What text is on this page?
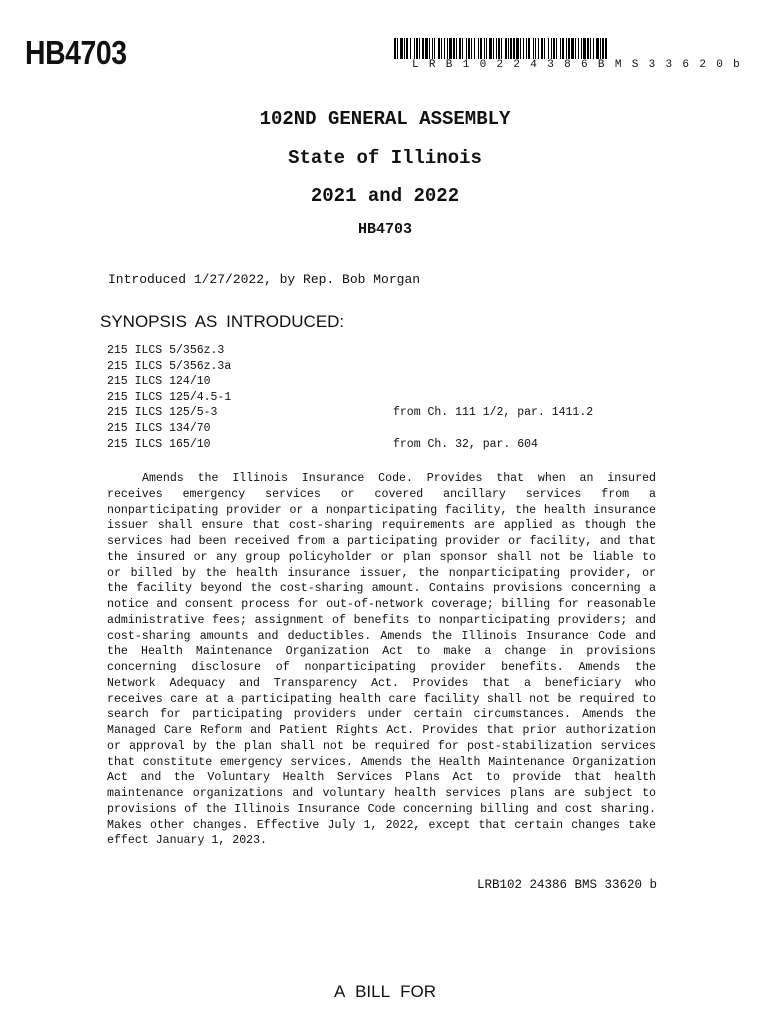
HB4703	LRB10224386BMS33620b
102ND GENERAL ASSEMBLY
State of Illinois
2021 and 2022
HB4703
Introduced 1/27/2022, by Rep. Bob Morgan
SYNOPSIS AS INTRODUCED:
215 ILCS 5/356z.3
215 ILCS 5/356z.3a
215 ILCS 124/10
215 ILCS 125/4.5-1
215 ILCS 125/5-3	from Ch. 111 1/2, par. 1411.2
215 ILCS 134/70
215 ILCS 165/10	from Ch. 32, par. 604

Amends the Illinois Insurance Code. Provides that when an insured receives emergency services or covered ancillary services from a nonparticipating provider or a nonparticipating facility, the health insurance issuer shall ensure that cost-sharing requirements are applied as though the services had been received from a participating provider or facility, and that the insured or any group policyholder or plan sponsor shall not be liable to or billed by the health insurance issuer, the nonparticipating provider, or the facility beyond the cost-sharing amount. Contains provisions concerning a notice and consent process for out-of-network coverage; billing for reasonable administrative fees; assignment of benefits to nonparticipating providers; and cost-sharing amounts and deductibles. Amends the Illinois Insurance Code and the Health Maintenance Organization Act to make a change in provisions concerning disclosure of nonparticipating provider benefits. Amends the Network Adequacy and Transparency Act. Provides that a beneficiary who receives care at a participating health care facility shall not be required to search for participating providers under certain circumstances. Amends the Managed Care Reform and Patient Rights Act. Provides that prior authorization or approval by the plan shall not be required for post-stabilization services that constitute emergency services. Amends the Health Maintenance Organization Act and the Voluntary Health Services Plans Act to provide that health maintenance organizations and voluntary health services plans are subject to provisions of the Illinois Insurance Code concerning billing and cost sharing. Makes other changes. Effective July 1, 2022, except that certain changes take effect January 1, 2023.

LRB102 24386 BMS 33620 b
A BILL FOR
